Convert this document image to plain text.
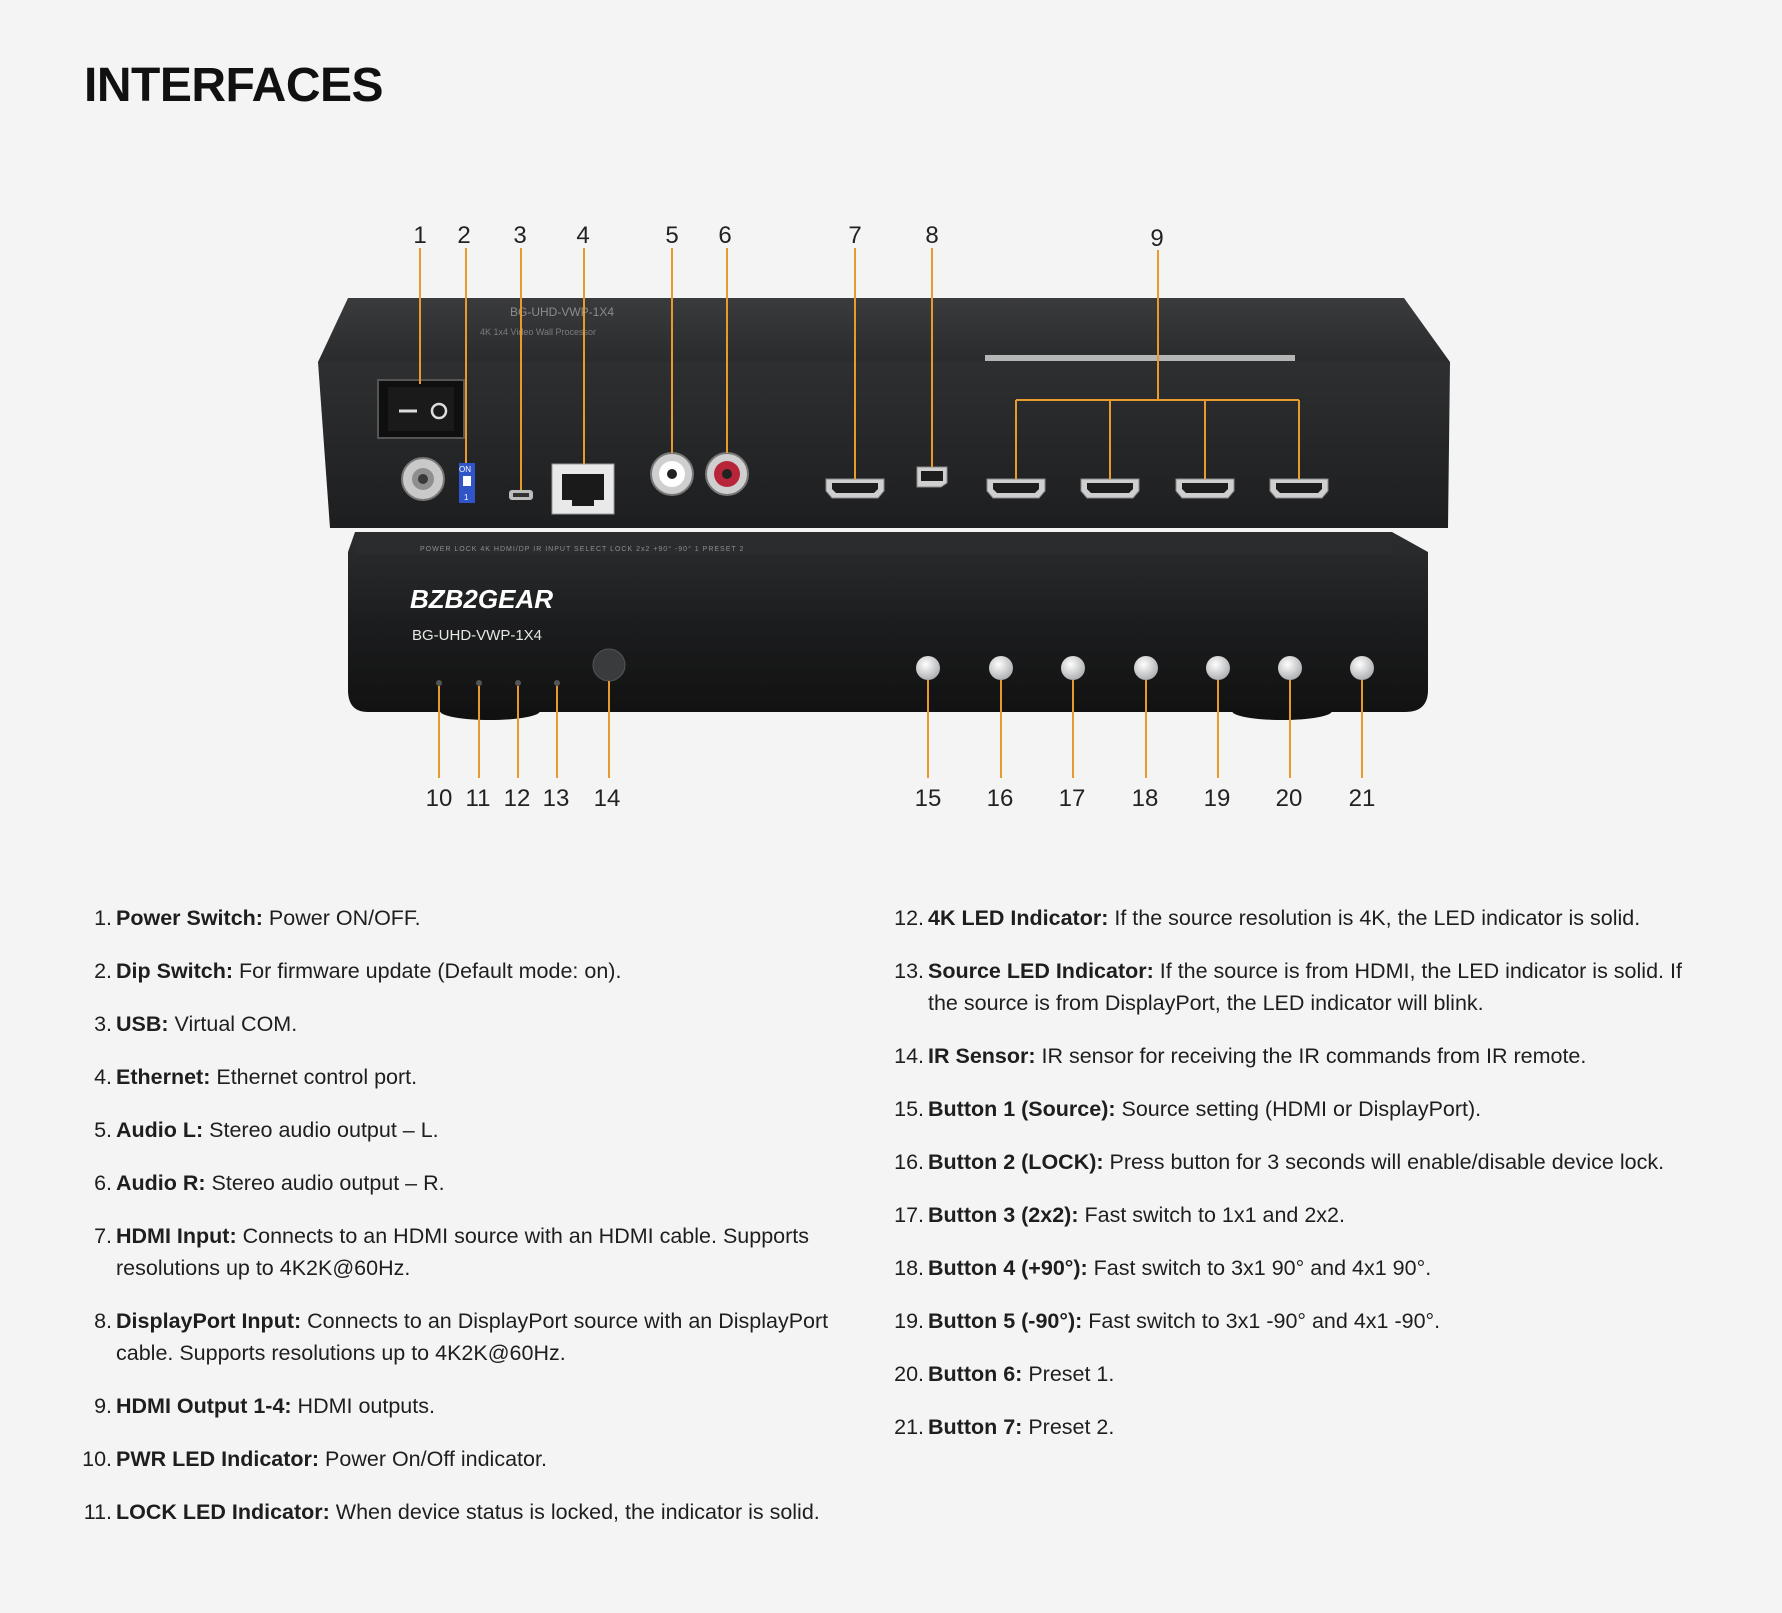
INTERFACES
BG-UHD-VWP-1X4
4K 1x4 Video Wall Processor
ON
1
POWER LOCK 4K HDMI/DP IR INPUT SELECT LOCK 2x2 +90° -90° 1 PRESET 2
BZB2GEAR
BG-UHD-VWP-1X4
1 2 3 4	5 6	7	8	9
10 11 12 13 14	15 16 17 18 19 20 21
1. Power Switch: Power ON/OFF.
2. Dip Switch: For firmware update (Default mode: on).
3. USB: Virtual COM.
4. Ethernet: Ethernet control port.
5. Audio L: Stereo audio output – L.
6. Audio R: Stereo audio output – R.
7. HDMI Input: Connects to an HDMI source with an HDMI cable. Supports resolutions up to 4K2K@60Hz.
8. DisplayPort Input: Connects to an DisplayPort source with an DisplayPort cable. Supports resolutions up to 4K2K@60Hz.
9. HDMI Output 1-4: HDMI outputs.
10. PWR LED Indicator: Power On/Off indicator.
11. LOCK LED Indicator: When device status is locked, the indicator is solid.
12. 4K LED Indicator: If the source resolution is 4K, the LED indicator is solid.
13. Source LED Indicator: If the source is from HDMI, the LED indicator is solid. If the source is from DisplayPort, the LED indicator will blink.
14. IR Sensor: IR sensor for receiving the IR commands from IR remote.
15. Button 1 (Source): Source setting (HDMI or DisplayPort).
16. Button 2 (LOCK): Press button for 3 seconds will enable/disable device lock.
17. Button 3 (2x2): Fast switch to 1x1 and 2x2.
18. Button 4 (+90°): Fast switch to 3x1 90° and 4x1 90°.
19. Button 5 (-90°): Fast switch to 3x1 -90° and 4x1 -90°.
20. Button 6: Preset 1.
21. Button 7: Preset 2.
